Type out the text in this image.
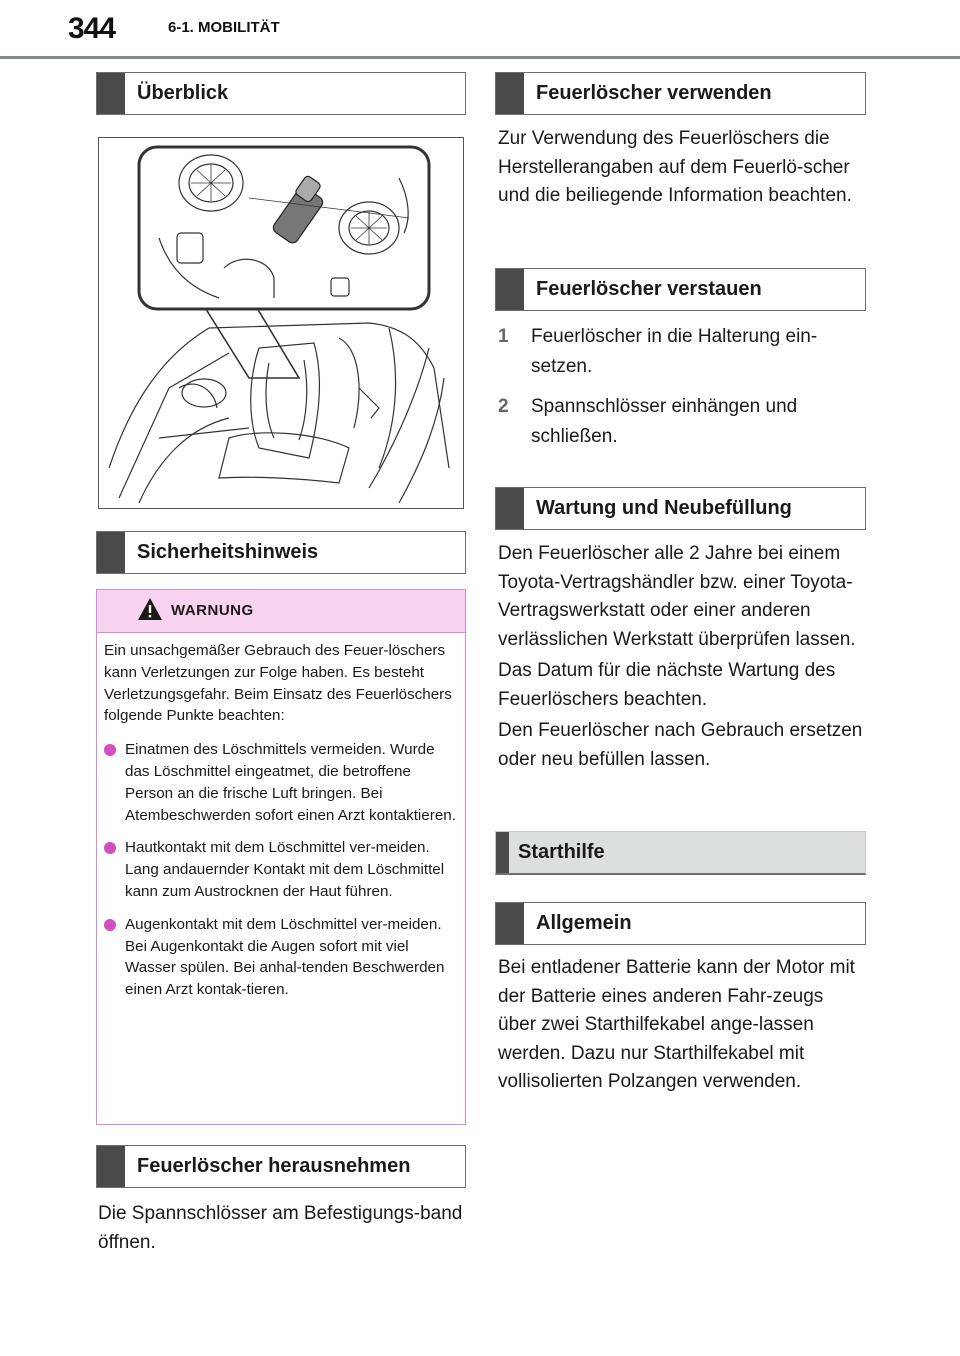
344	6-1. MOBILITÄT
Überblick
Sicherheitshinweis
WARNUNG

Ein unsachgemäßer Gebrauch des Feuer-löschers kann Verletzungen zur Folge haben. Es besteht Verletzungsgefahr. Beim Einsatz des Feuerlöschers folgende Punkte beachten:

Einatmen des Löschmittels vermeiden. Wurde das Löschmittel eingeatmet, die betroffene Person an die frische Luft bringen. Bei Atembeschwerden sofort einen Arzt kontaktieren.
Hautkontakt mit dem Löschmittel ver-meiden. Lang andauernder Kontakt mit dem Löschmittel kann zum Austrocknen der Haut führen.
Augenkontakt mit dem Löschmittel ver-meiden. Bei Augenkontakt die Augen sofort mit viel Wasser spülen. Bei anhal-tenden Beschwerden einen Arzt kontak-tieren.
Feuerlöscher herausnehmen

Die Spannschlösser am Befestigungs-band öffnen.

Feuerlöscher verwenden

Zur Verwendung des Feuerlöschers die Herstellerangaben auf dem Feuerlö-scher und die beiliegende Information beachten.

Feuerlöscher verstauen
1 Feuerlöscher in die Halterung ein-setzen.
2 Spannschlösser einhängen und schließen.
Wartung und Neubefüllung

Den Feuerlöscher alle 2 Jahre bei einem Toyota-Vertragshändler bzw. einer Toyota-Vertragswerkstatt oder einer anderen verlässlichen Werkstatt überprüfen lassen.

Das Datum für die nächste Wartung des Feuerlöschers beachten.

Den Feuerlöscher nach Gebrauch ersetzen oder neu befüllen lassen.

Starthilfe
Allgemein

Bei entladener Batterie kann der Motor mit der Batterie eines anderen Fahr-zeugs über zwei Starthilfekabel ange-lassen werden. Dazu nur Starthilfekabel mit vollisolierten Polzangen verwenden.
